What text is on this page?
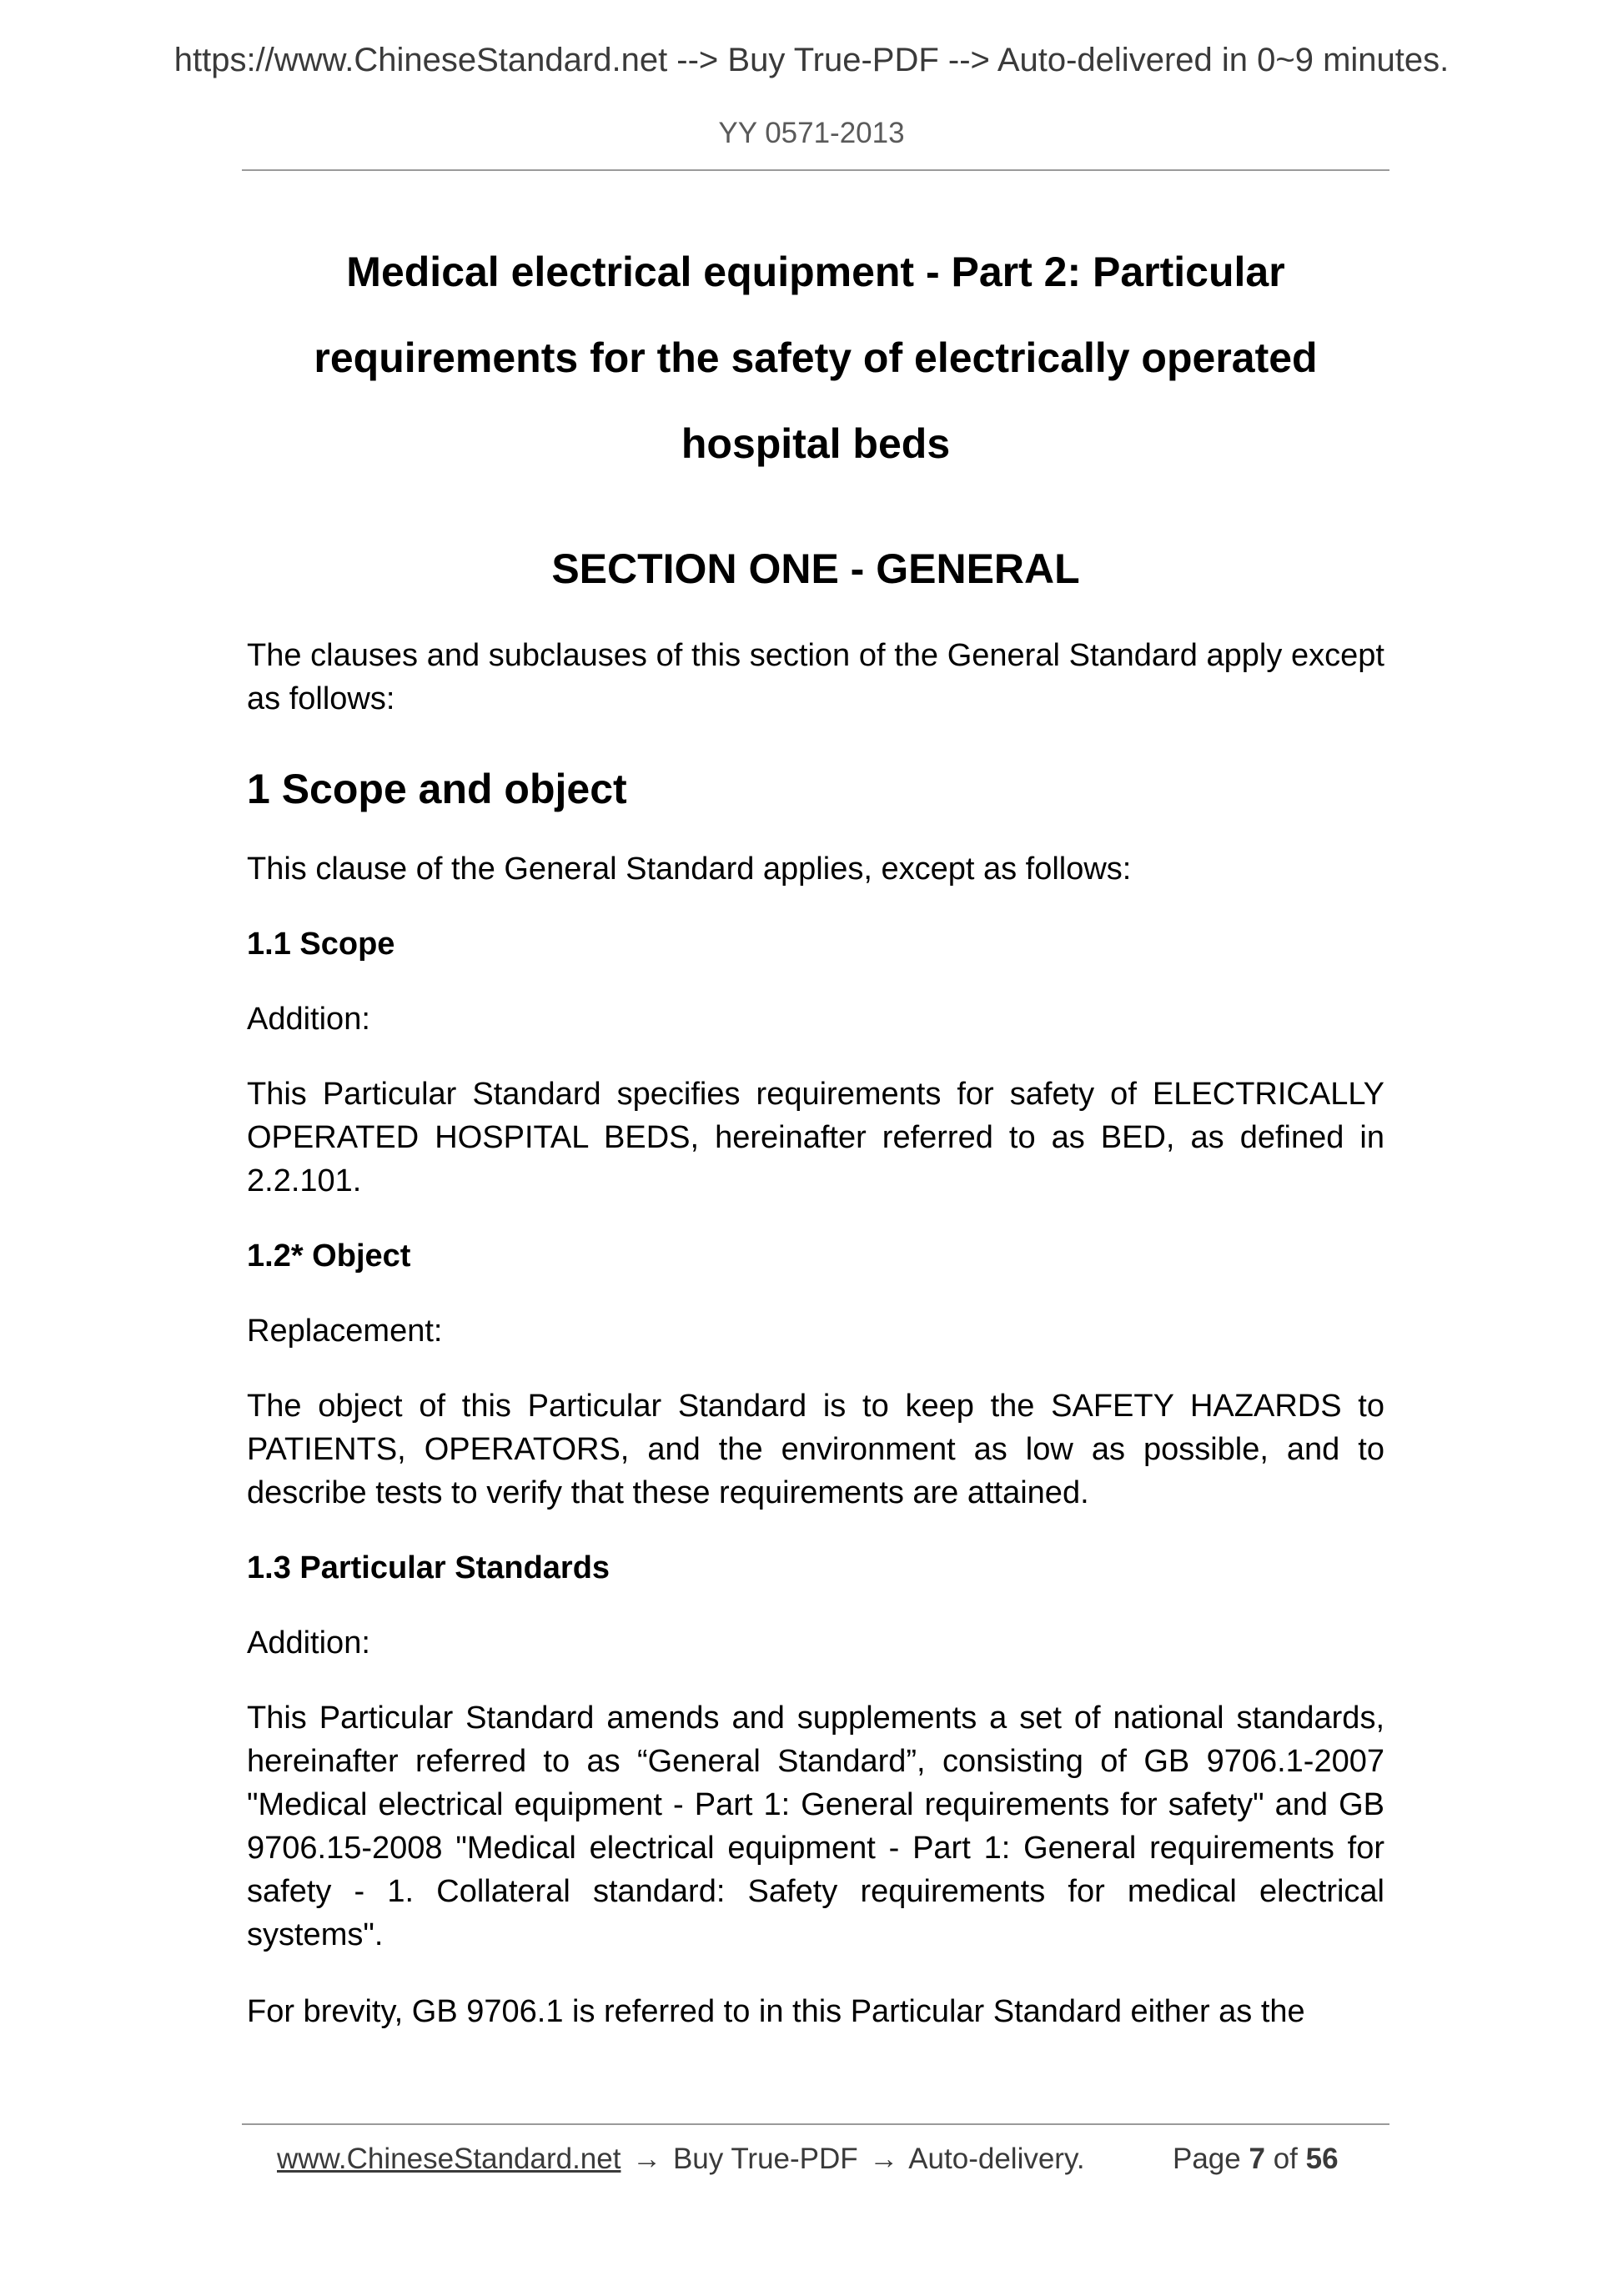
https://www.ChineseStandard.net --> Buy True-PDF --> Auto-delivered in 0~9 minutes.
YY 0571-2013

Medical electrical equipment - Part 2: Particular

requirements for the safety of electrically operated

hospital beds

SECTION ONE - GENERAL

The clauses and subclauses of this section of the General Standard apply except as follows:

1 Scope and object

This clause of the General Standard applies, except as follows:

1.1 Scope

Addition:

This Particular Standard specifies requirements for safety of ELECTRICALLY OPERATED HOSPITAL BEDS, hereinafter referred to as BED, as defined in 2.2.101.

1.2* Object

Replacement:

The object of this Particular Standard is to keep the SAFETY HAZARDS to PATIENTS, OPERATORS, and the environment as low as possible, and to describe tests to verify that these requirements are attained.

1.3 Particular Standards

Addition:

This Particular Standard amends and supplements a set of national standards, hereinafter referred to as “General Standard”, consisting of GB 9706.1-2007 "Medical electrical equipment - Part 1: General requirements for safety" and GB 9706.15-2008 "Medical electrical equipment - Part 1: General requirements for safety - 1. Collateral standard: Safety requirements for medical electrical systems".

For brevity, GB 9706.1 is referred to in this Particular Standard either as the

www.ChineseStandard.net → Buy True-PDF → Auto-delivery.	Page 7 of 56
